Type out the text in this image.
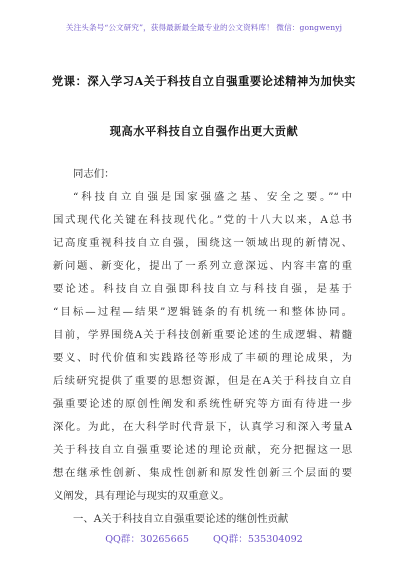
关注头条号“公文研究”，获得最新最全最专业的公文资料库！ 微信：gongwenyj
党课：深入学习A关于科技自立自强重要论述精神为加快实
现高水平科技自立自强作出更大贡献
同志们：
“科技自立自强是国家强盛之基、安全之要。”“中
国式现代化关键在科技现代化。”党的十八大以来，A总书
记高度重视科技自立自强，围绕这一领域出现的新情况、
新问题、新变化，提出了一系列立意深远、内容丰富的重
要论述。科技自立自强即科技自立与科技自强，是基于
“目标—过程—结果”逻辑链条的有机统一和整体协同。
目前，学界围绕A关于科技创新重要论述的生成逻辑、精髓
要义、时代价值和实践路径等形成了丰硕的理论成果，为
后续研究提供了重要的思想资源，但是在A关于科技自立自
强重要论述的原创性阐发和系统性研究等方面有待进一步
深化。为此，在大科学时代背景下，认真学习和深入考量A
关于科技自立自强重要论述的理论贡献，充分把握这一思
想在继承性创新、集成性创新和原发性创新三个层面的要
义阐发，具有理论与现实的双重意义。
一、A关于科技自立自强重要论述的继创性贡献
QQ群：30265665	QQ群：535304092
